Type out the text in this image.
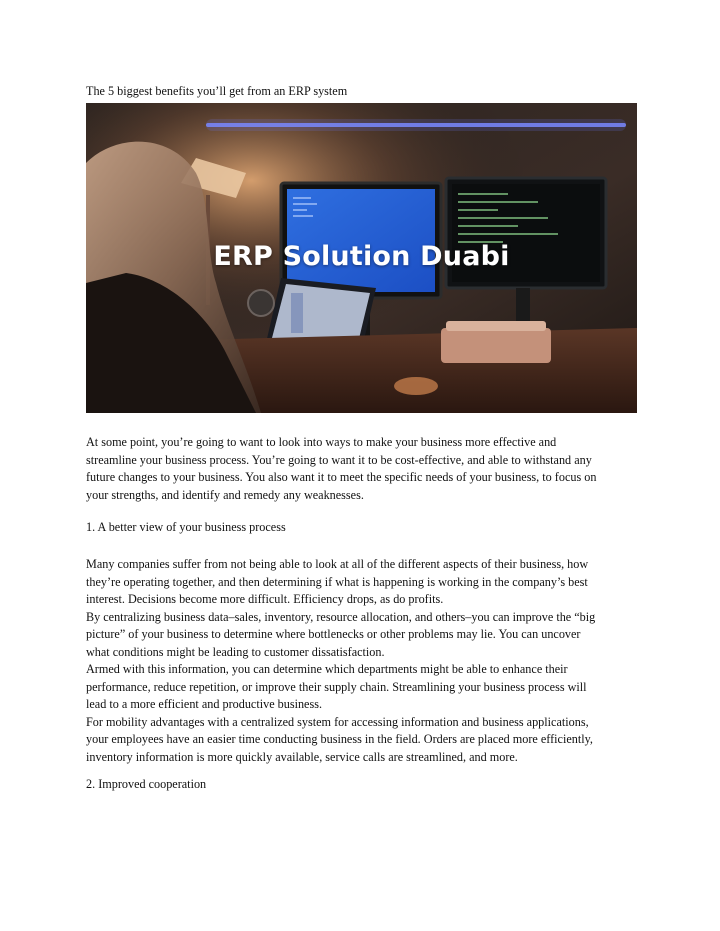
The 5 biggest benefits you’ll get from an ERP system
ERP Solution Duabi
At some point, you’re going to want to look into ways to make your business more effective and
streamline your business process. You’re going to want it to be cost-effective, and able to withstand any
future changes to your business. You also want it to meet the specific needs of your business, to focus on
your strengths, and identify and remedy any weaknesses.
1. A better view of your business process
Many companies suffer from not being able to look at all of the different aspects of their business, how
they’re operating together, and then determining if what is happening is working in the company’s best
interest. Decisions become more difficult. Efficiency drops, as do profits.
By centralizing business data–sales, inventory, resource allocation, and others–you can improve the “big
picture” of your business to determine where bottlenecks or other problems may lie. You can uncover
what conditions might be leading to customer dissatisfaction.
Armed with this information, you can determine which departments might be able to enhance their
performance, reduce repetition, or improve their supply chain. Streamlining your business process will
lead to a more efficient and productive business.
For mobility advantages with a centralized system for accessing information and business applications,
your employees have an easier time conducting business in the field. Orders are placed more efficiently,
inventory information is more quickly available, service calls are streamlined, and more.
2. Improved cooperation
